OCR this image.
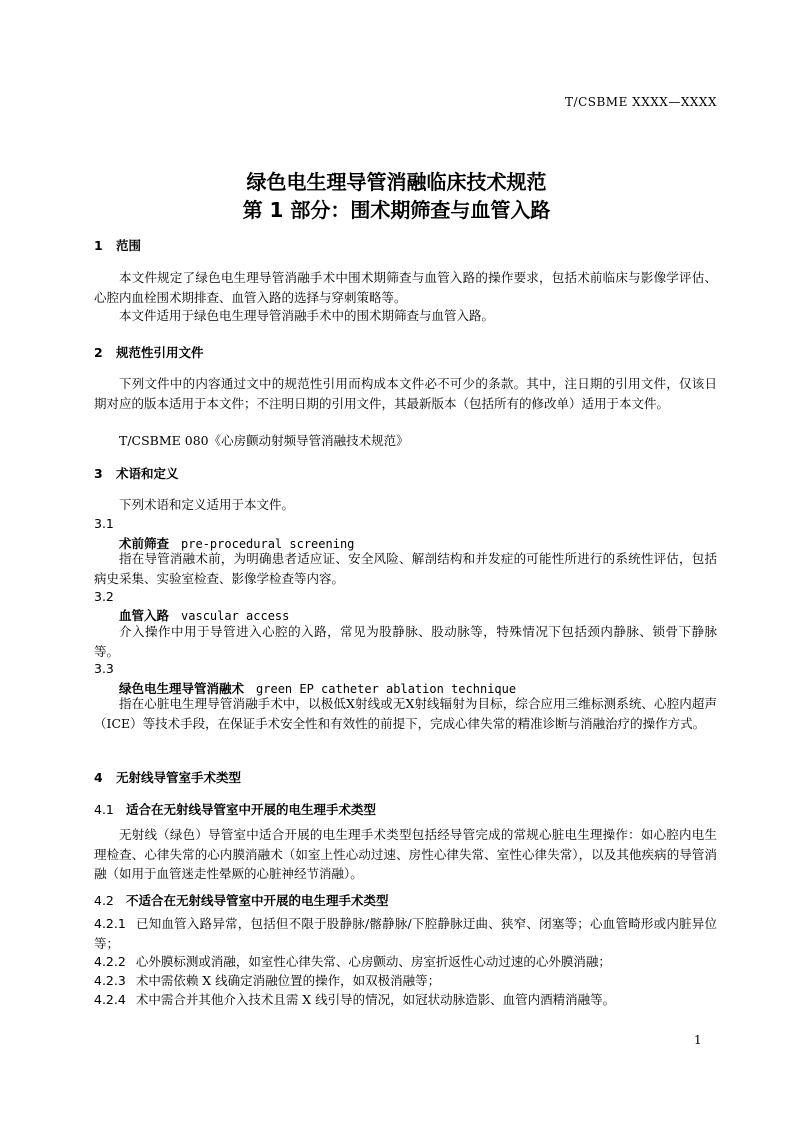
T/CSBME XXXX—XXXX
绿色电生理导管消融临床技术规范
第 1 部分：围术期筛查与血管入路
1 范围
本文件规定了绿色电生理导管消融手术中围术期筛查与血管入路的操作要求，包括术前临床与影像学评估、心腔内血栓围术期排查、血管入路的选择与穿刺策略等。
本文件适用于绿色电生理导管消融手术中的围术期筛查与血管入路。
2 规范性引用文件
下列文件中的内容通过文中的规范性引用而构成本文件必不可少的条款。其中，注日期的引用文件，仅该日期对应的版本适用于本文件；不注明日期的引用文件，其最新版本（包括所有的修改单）适用于本文件。
T/CSBME 080《心房颤动射频导管消融技术规范》
3 术语和定义
下列术语和定义适用于本文件。
3.1
术前筛查 pre-procedural screening
指在导管消融术前，为明确患者适应证、安全风险、解剖结构和并发症的可能性所进行的系统性评估，包括病史采集、实验室检查、影像学检查等内容。
3.2
血管入路 vascular access
介入操作中用于导管进入心腔的入路，常见为股静脉、股动脉等，特殊情况下包括颈内静脉、锁骨下静脉等。
3.3
绿色电生理导管消融术 green EP catheter ablation technique
指在心脏电生理导管消融手术中，以极低X射线或无X射线辐射为目标，综合应用三维标测系统、心腔内超声（ICE）等技术手段，在保证手术安全性和有效性的前提下，完成心律失常的精准诊断与消融治疗的操作方式。
4 无射线导管室手术类型
4.1 适合在无射线导管室中开展的电生理手术类型
无射线（绿色）导管室中适合开展的电生理手术类型包括经导管完成的常规心脏电生理操作：如心腔内电生理检查、心律失常的心内膜消融术（如室上性心动过速、房性心律失常、室性心律失常），以及其他疾病的导管消融（如用于血管迷走性晕厥的心脏神经节消融）。
4.2 不适合在无射线导管室中开展的电生理手术类型
4.2.1 已知血管入路异常，包括但不限于股静脉/髂静脉/下腔静脉迂曲、狭窄、闭塞等；心血管畸形或内脏异位等；
4.2.2 心外膜标测或消融，如室性心律失常、心房颤动、房室折返性心动过速的心外膜消融；
4.2.3 术中需依赖 X 线确定消融位置的操作，如双极消融等；
4.2.4 术中需合并其他介入技术且需 X 线引导的情况，如冠状动脉造影、血管内酒精消融等。
1
